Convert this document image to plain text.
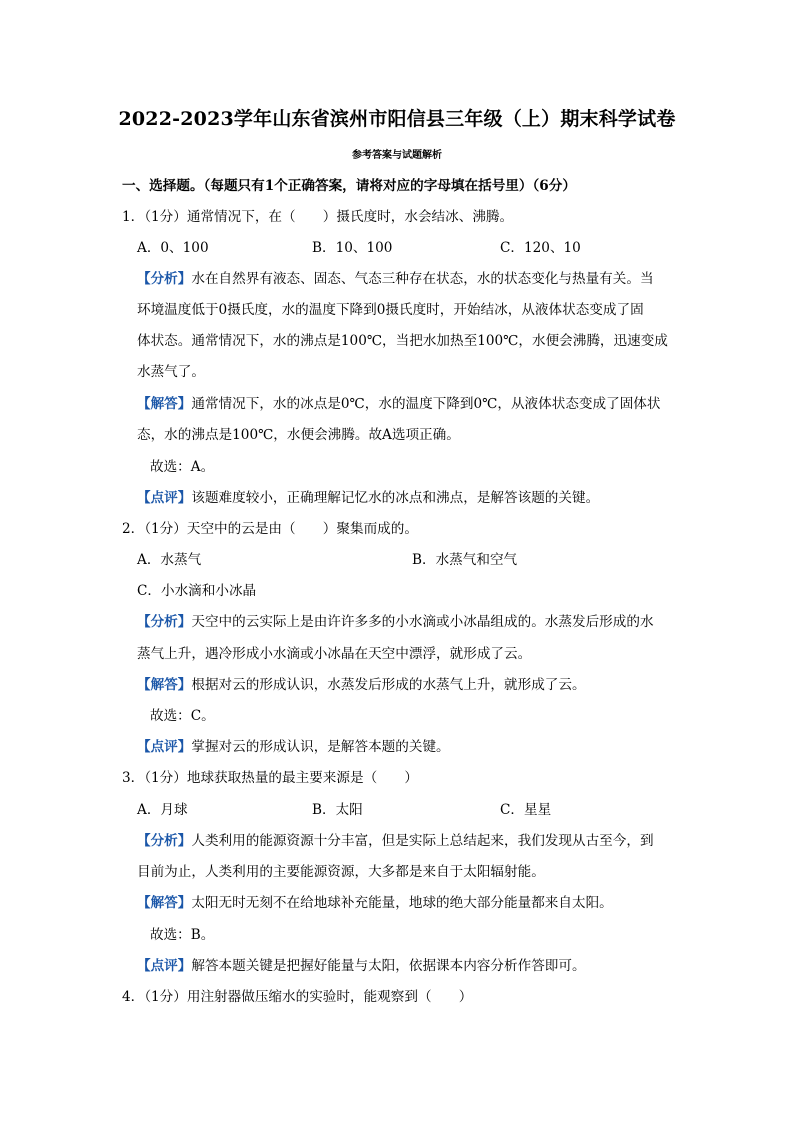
2022-2023学年山东省滨州市阳信县三年级（上）期末科学试卷
参考答案与试题解析
一、选择题。（每题只有1个正确答案，请将对应的字母填在括号里）（6分）
1．（1分）通常情况下，在（　　）摄氏度时，水会结冰、沸腾。
A．0、100	B．10、100	C．120、10
【分析】水在自然界有液态、固态、气态三种存在状态，水的状态变化与热量有关。当
环境温度低于0摄氏度，水的温度下降到0摄氏度时，开始结冰，从液体状态变成了固
体状态。通常情况下，水的沸点是100℃，当把水加热至100℃，水便会沸腾，迅速变成
水蒸气了。
【解答】通常情况下，水的冰点是0℃，水的温度下降到0℃，从液体状态变成了固体状
态，水的沸点是100℃，水便会沸腾。故A选项正确。
故选：A。
【点评】该题难度较小，正确理解记忆水的冰点和沸点，是解答该题的关键。
2．（1分）天空中的云是由（　　）聚集而成的。
A．水蒸气	B．水蒸气和空气
C．小水滴和小冰晶
【分析】天空中的云实际上是由许许多多的小水滴或小冰晶组成的。水蒸发后形成的水
蒸气上升，遇冷形成小水滴或小冰晶在天空中漂浮，就形成了云。
【解答】根据对云的形成认识，水蒸发后形成的水蒸气上升，就形成了云。
故选：C。
【点评】掌握对云的形成认识，是解答本题的关键。
3．（1分）地球获取热量的最主要来源是（　　）
A．月球	B．太阳	C．星星
【分析】人类利用的能源资源十分丰富，但是实际上总结起来，我们发现从古至今，到
目前为止，人类利用的主要能源资源，大多都是来自于太阳辐射能。
【解答】太阳无时无刻不在给地球补充能量，地球的绝大部分能量都来自太阳。
故选：B。
【点评】解答本题关键是把握好能量与太阳，依据课本内容分析作答即可。
4．（1分）用注射器做压缩水的实验时，能观察到（　　）
